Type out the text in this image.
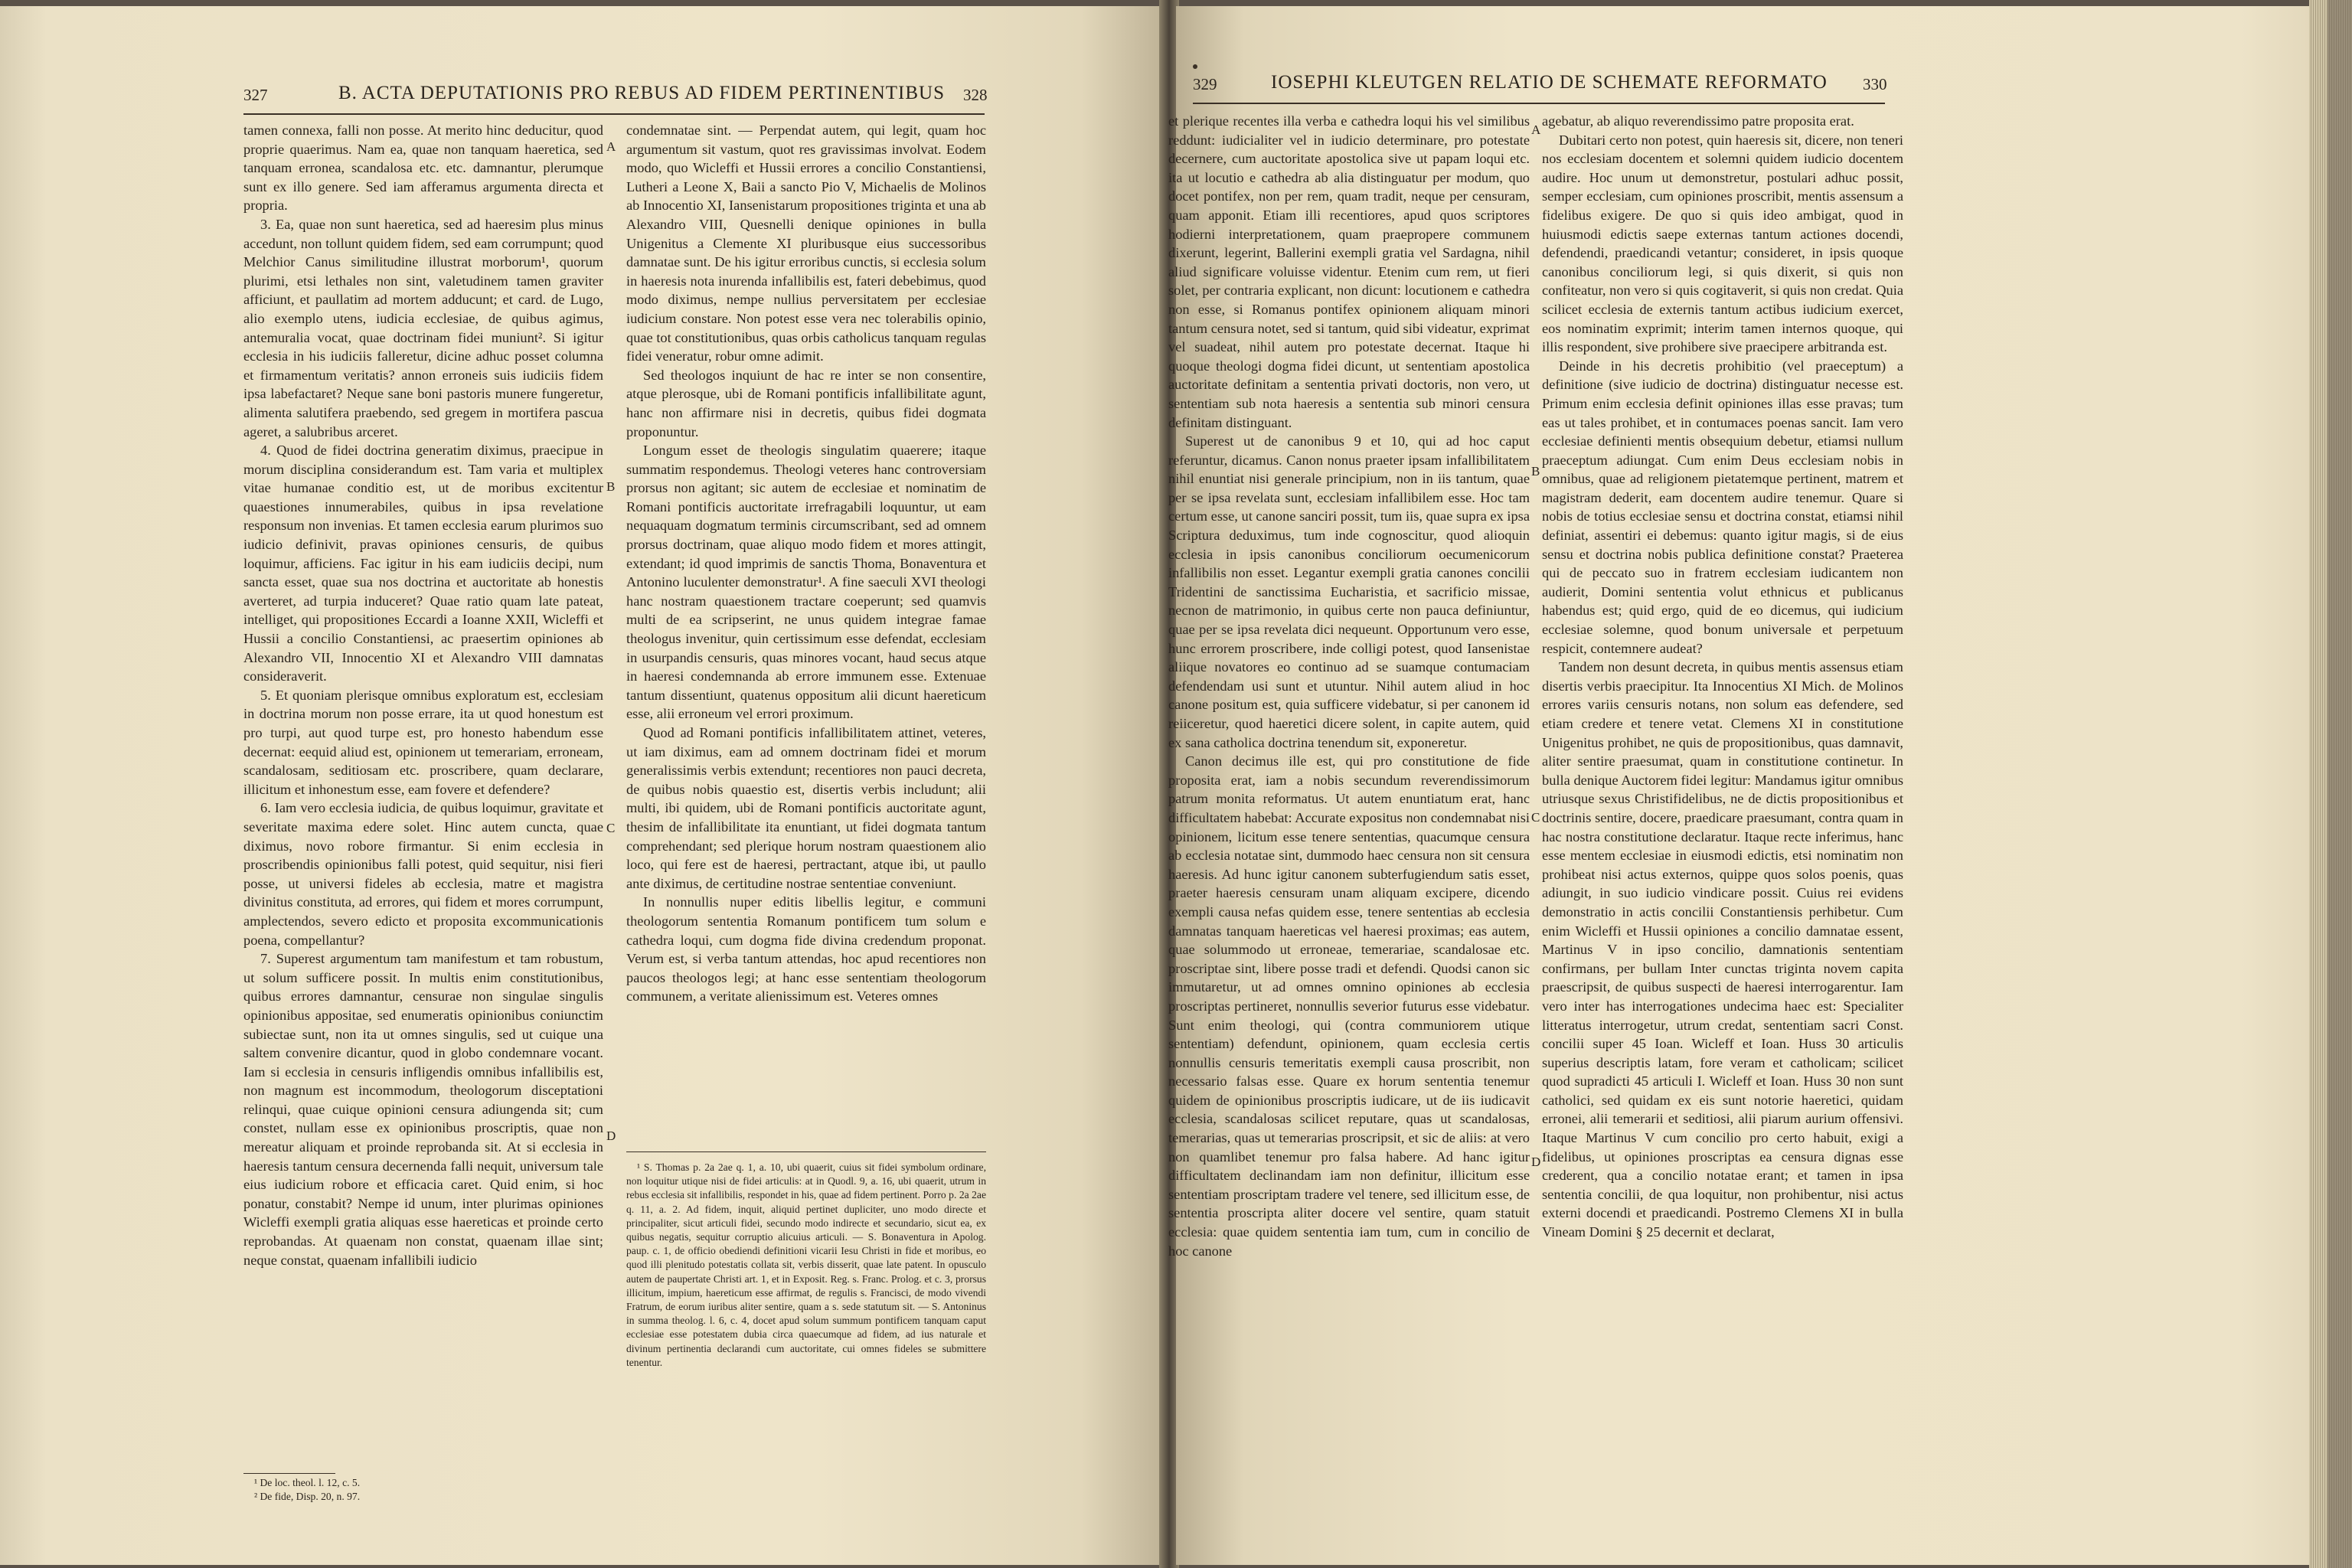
327	B. ACTA DEPUTATIONIS PRO REBUS AD FIDEM PERTINENTIBUS 328

tamen connexa, falli non posse. At merito hinc deducitur, quod proprie quaerimus. Nam ea, quae non tanquam haeretica, sed tanquam erronea, scandalosa etc. etc. damnantur, plerumque sunt ex illo genere. Sed iam afferamus argumenta directa et propria.

3. Ea, quae non sunt haeretica, sed ad haeresim plus minus accedunt, non tollunt quidem fidem, sed eam corrumpunt; quod Melchior Canus similitudine illustrat morborum¹, quorum plurimi, etsi lethales non sint, valetudinem tamen graviter afficiunt, et paullatim ad mortem adducunt; et card. de Lugo, alio exemplo utens, iudicia ecclesiae, de quibus agimus, antemuralia vocat, quae doctrinam fidei muniunt². Si igitur ecclesia in his iudiciis falleretur, dicine adhuc posset columna et firmamentum veritatis? annon erroneis suis iudiciis fidem ipsa labefactaret? Neque sane boni pastoris munere fungeretur, alimenta salutifera praebendo, sed gregem in mortifera pascua ageret, a salubribus arceret.

4. Quod de fidei doctrina generatim diximus, praecipue in morum disciplina considerandum est. Tam varia et multiplex vitae humanae conditio est, ut de moribus excitentur quaestiones innumerabiles, quibus in ipsa revelatione responsum non invenias. Et tamen ecclesia earum plurimos suo iudicio definivit, pravas opiniones censuris, de quibus loquimur, afficiens. Fac igitur in his eam iudiciis decipi, num sancta esset, quae sua nos doctrina et auctoritate ab honestis averteret, ad turpia induceret? Quae ratio quam late pateat, intelliget, qui propositiones Eccardi a Ioanne XXII, Wicleffi et Hussii a concilio Constantiensi, ac praesertim opiniones ab Alexandro VII, Innocentio XI et Alexandro VIII damnatas consideraverit.

5. Et quoniam plerisque omnibus exploratum est, ecclesiam in doctrina morum non posse errare, ita ut quod honestum est pro turpi, aut quod turpe est, pro honesto habendum esse decernat: eequid aliud est, opinionem ut temerariam, erroneam, scandalosam, seditiosam etc. proscribere, quam declarare, illicitum et inhonestum esse, eam fovere et defendere?

6. Iam vero ecclesia iudicia, de quibus loquimur, gravitate et severitate maxima edere solet. Hinc autem cuncta, quae diximus, novo robore firmantur. Si enim ecclesia in proscribendis opinionibus falli potest, quid sequitur, nisi fieri posse, ut universi fideles ab ecclesia, matre et magistra divinitus constituta, ad errores, qui fidem et mores corrumpunt, amplectendos, severo edicto et proposita excommunicationis poena, compellantur?

7. Superest argumentum tam manifestum et tam robustum, ut solum sufficere possit. In multis enim constitutionibus, quibus errores damnantur, censurae non singulae singulis opinionibus appositae, sed enumeratis opinionibus coniunctim subiectae sunt, non ita ut omnes singulis, sed ut cuique una saltem convenire dicantur, quod in globo condemnare vocant. Iam si ecclesia in censuris infligendis omnibus infallibilis est, non magnum est incommodum, theologorum disceptationi relinqui, quae cuique opinioni censura adiungenda sit; cum constet, nullam esse ex opinionibus proscriptis, quae non mereatur aliquam et proinde reprobanda sit. At si ecclesia in haeresis tantum censura decernenda falli nequit, universum tale eius iudicium robore et efficacia caret. Quid enim, si hoc ponatur, constabit? Nempe id unum, inter plurimas opiniones Wicleffi exempli gratia aliquas esse haereticas et proinde certo reprobandas. At quaenam non constat, quaenam illae sint; neque constat, quaenam infallibili iudicio

¹ De loc. theol. l. 12, c. 5.

² De fide, Disp. 20, n. 97.

condemnatae sint. — Perpendat autem, qui legit, quam hoc argumentum sit vastum, quot res gravissimas involvat. Eodem modo, quo Wicleffi et Hussii errores a concilio Constantiensi, Lutheri a Leone X, Baii a sancto Pio V, Michaelis de Molinos ab Innocentio XI, Iansenistarum propositiones triginta et una ab Alexandro VIII, Quesnelli denique opiniones in bulla Unigenitus a Clemente XI pluribusque eius successoribus damnatae sunt. De his igitur erroribus cunctis, si ecclesia solum in haeresis nota inurenda infallibilis est, fateri debebimus, quod modo diximus, nempe nullius perversitatem per ecclesiae iudicium constare. Non potest esse vera nec tolerabilis opinio, quae tot constitutionibus, quas orbis catholicus tanquam regulas fidei veneratur, robur omne adimit.

Sed theologos inquiunt de hac re inter se non consentire, atque plerosque, ubi de Romani pontificis infallibilitate agunt, hanc non affirmare nisi in decretis, quibus fidei dogmata proponuntur.

Longum esset de theologis singulatim quaerere; itaque summatim respondemus. Theologi veteres hanc controversiam prorsus non agitant; sic autem de ecclesiae et nominatim de Romani pontificis auctoritate irrefragabili loquuntur, ut eam nequaquam dogmatum terminis circumscribant, sed ad omnem prorsus doctrinam, quae aliquo modo fidem et mores attingit, extendant; id quod imprimis de sanctis Thoma, Bonaventura et Antonino luculenter demonstratur¹. A fine saeculi XVI theologi hanc nostram quaestionem tractare coeperunt; sed quamvis multi de ea scripserint, ne unus quidem integrae famae theologus invenitur, quin certissimum esse defendat, ecclesiam in usurpandis censuris, quas minores vocant, haud secus atque in haeresi condemnanda ab errore immunem esse. Extenuae tantum dissentiunt, quatenus oppositum alii dicunt haereticum esse, alii erroneum vel errori proximum.

Quod ad Romani pontificis infallibilitatem attinet, veteres, ut iam diximus, eam ad omnem doctrinam fidei et morum generalissimis verbis extendunt; recentiores non pauci decreta, de quibus nobis quaestio est, disertis verbis includunt; alii multi, ibi quidem, ubi de Romani pontificis auctoritate agunt, thesim de infallibilitate ita enuntiant, ut fidei dogmata tantum comprehendant; sed plerique horum nostram quaestionem alio loco, qui fere est de haeresi, pertractant, atque ibi, ut paullo ante diximus, de certitudine nostrae sententiae conveniunt.

In nonnullis nuper editis libellis legitur, e communi theologorum sententia Romanum pontificem tum solum e cathedra loqui, cum dogma fide divina credendum proponat. Verum est, si verba tantum attendas, hoc apud recentiores non paucos theologos legi; at hanc esse sententiam theologorum communem, a veritate alienissimum est. Veteres omnes

¹ S. Thomas p. 2a 2ae q. 1, a. 10, ubi quaerit, cuius sit fidei symbolum ordinare, non loquitur utique nisi de fidei articulis: at in Quodl. 9, a. 16, ubi quaerit, utrum in rebus ecclesia sit infallibilis, respondet in his, quae ad fidem pertinent. Porro p. 2a 2ae q. 11, a. 2. Ad fidem, inquit, aliquid pertinet dupliciter, uno modo directe et principaliter, sicut articuli fidei, secundo modo indirecte et secundario, sicut ea, ex quibus negatis, sequitur corruptio alicuius articuli. — S. Bonaventura in Apolog. paup. c. 1, de officio obediendi definitioni vicarii Iesu Christi in fide et moribus, eo quod illi plenitudo potestatis collata sit, verbis disserit, quae late patent. In opusculo autem de paupertate Christi art. 1, et in Exposit. Reg. s. Franc. Prolog. et c. 3, prorsus illicitum, impium, haereticum esse affirmat, de regulis s. Francisci, de modo vivendi Fratrum, de eorum iuribus aliter sentire, quam a s. sede statutum sit. — S. Antoninus in summa theolog. l. 6, c. 4, docet apud solum summum pontificem tanquam caput ecclesiae esse potestatem dubia circa quaecumque ad fidem, ad ius naturale et divinum pertinentia declarandi cum auctoritate, cui omnes fideles se submittere tenentur.

A
B
C
D
329	IOSEPHI KLEUTGEN RELATIO DE SCHEMATE REFORMATO 330

et plerique recentes illa verba e cathedra loqui his vel similibus reddunt: iudicialiter vel in iudicio determinare, pro potestate decernere, cum auctoritate apostolica sive ut papam loqui etc. ita ut locutio e cathedra ab alia distinguatur per modum, quo docet pontifex, non per rem, quam tradit, neque per censuram, quam apponit. Etiam illi recentiores, apud quos scriptores hodierni interpretationem, quam praepropere communem dixerunt, legerint, Ballerini exempli gratia vel Sardagna, nihil aliud significare voluisse videntur. Etenim cum rem, ut fieri solet, per contraria explicant, non dicunt: locutionem e cathedra non esse, si Romanus pontifex opinionem aliquam minori tantum censura notet, sed si tantum, quid sibi videatur, exprimat vel suadeat, nihil autem pro potestate decernat. Itaque hi quoque theologi dogma fidei dicunt, ut sententiam apostolica auctoritate definitam a sententia privati doctoris, non vero, ut sententiam sub nota haeresis a sententia sub minori censura definitam distinguant.

Superest ut de canonibus 9 et 10, qui ad hoc caput referuntur, dicamus. Canon nonus praeter ipsam infallibilitatem nihil enuntiat nisi generale principium, non in iis tantum, quae per se ipsa revelata sunt, ecclesiam infallibilem esse. Hoc tam certum esse, ut canone sanciri possit, tum iis, quae supra ex ipsa Scriptura deduximus, tum inde cognoscitur, quod alioquin ecclesia in ipsis canonibus conciliorum oecumenicorum infallibilis non esset. Legantur exempli gratia canones concilii Tridentini de sanctissima Eucharistia, et sacrificio missae, necnon de matrimonio, in quibus certe non pauca definiuntur, quae per se ipsa revelata dici nequeunt. Opportunum vero esse, hunc errorem proscribere, inde colligi potest, quod Iansenistae aliique novatores eo continuo ad se suamque contumaciam defendendam usi sunt et utuntur. Nihil autem aliud in hoc canone positum est, quia sufficere videbatur, si per canonem id reiiceretur, quod haeretici dicere solent, in capite autem, quid ex sana catholica doctrina tenendum sit, exponeretur.

Canon decimus ille est, qui pro constitutione de fide proposita erat, iam a nobis secundum reverendissimorum patrum monita reformatus. Ut autem enuntiatum erat, hanc difficultatem habebat: Accurate expositus non condemnabat nisi opinionem, licitum esse tenere sententias, quacumque censura ab ecclesia notatae sint, dummodo haec censura non sit censura haeresis. Ad hunc igitur canonem subterfugiendum satis esset, praeter haeresis censuram unam aliquam excipere, dicendo exempli causa nefas quidem esse, tenere sententias ab ecclesia damnatas tanquam haereticas vel haeresi proximas; eas autem, quae solummodo ut erroneae, temerariae, scandalosae etc. proscriptae sint, libere posse tradi et defendi. Quodsi canon sic immutaretur, ut ad omnes omnino opiniones ab ecclesia proscriptas pertineret, nonnullis severior futurus esse videbatur. Sunt enim theologi, qui (contra communiorem utique sententiam) defendunt, opinionem, quam ecclesia certis nonnullis censuris temeritatis exempli causa proscribit, non necessario falsas esse. Quare ex horum sententia tenemur quidem de opinionibus proscriptis iudicare, ut de iis iudicavit ecclesia, scandalosas scilicet reputare, quas ut scandalosas, temerarias, quas ut temerarias proscripsit, et sic de aliis: at vero non quamlibet tenemur pro falsa habere. Ad hanc igitur difficultatem declinandam iam non definitur, illicitum esse sententiam proscriptam tradere vel tenere, sed illicitum esse, de sententia proscripta aliter docere vel sentire, quam statuit ecclesia: quae quidem sententia iam tum, cum in concilio de hoc canone

agebatur, ab aliquo reverendissimo patre proposita erat.

Dubitari certo non potest, quin haeresis sit, dicere, non teneri nos ecclesiam docentem et solemni quidem iudicio docentem audire. Hoc unum ut demonstretur, postulari adhuc possit, semper ecclesiam, cum opiniones proscribit, mentis assensum a fidelibus exigere. De quo si quis ideo ambigat, quod in huiusmodi edictis saepe externas tantum actiones docendi, defendendi, praedicandi vetantur; consideret, in ipsis quoque canonibus conciliorum legi, si quis dixerit, si quis non confiteatur, non vero si quis cogitaverit, si quis non credat. Quia scilicet ecclesia de externis tantum actibus iudicium exercet, eos nominatim exprimit; interim tamen internos quoque, qui illis respondent, sive prohibere sive praecipere arbitranda est.

Deinde in his decretis prohibitio (vel praeceptum) a definitione (sive iudicio de doctrina) distinguatur necesse est. Primum enim ecclesia definit opiniones illas esse pravas; tum eas ut tales prohibet, et in contumaces poenas sancit. Iam vero ecclesiae definienti mentis obsequium debetur, etiamsi nullum praeceptum adiungat. Cum enim Deus ecclesiam nobis in omnibus, quae ad religionem pietatemque pertinent, matrem et magistram dederit, eam docentem audire tenemur. Quare si nobis de totius ecclesiae sensu et doctrina constat, etiamsi nihil definiat, assentiri ei debemus: quanto igitur magis, si de eius sensu et doctrina nobis publica definitione constat? Praeterea qui de peccato suo in fratrem ecclesiam iudicantem non audierit, Domini sententia volut ethnicus et publicanus habendus est; quid ergo, quid de eo dicemus, qui iudicium ecclesiae solemne, quod bonum universale et perpetuum respicit, contemnere audeat?

Tandem non desunt decreta, in quibus mentis assensus etiam disertis verbis praecipitur. Ita Innocentius XI Mich. de Molinos errores variis censuris notans, non solum eas defendere, sed etiam credere et tenere vetat. Clemens XI in constitutione Unigenitus prohibet, ne quis de propositionibus, quas damnavit, aliter sentire praesumat, quam in constitutione continetur. In bulla denique Auctorem fidei legitur: Mandamus igitur omnibus utriusque sexus Christifidelibus, ne de dictis propositionibus et doctrinis sentire, docere, praedicare praesumant, contra quam in hac nostra constitutione declaratur. Itaque recte inferimus, hanc esse mentem ecclesiae in eiusmodi edictis, etsi nominatim non prohibeat nisi actus externos, quippe quos solos poenis, quas adiungit, in suo iudicio vindicare possit. Cuius rei evidens demonstratio in actis concilii Constantiensis perhibetur. Cum enim Wicleffi et Hussii opiniones a concilio damnatae essent, Martinus V in ipso concilio, damnationis sententiam confirmans, per bullam Inter cunctas triginta novem capita praescripsit, de quibus suspecti de haeresi interrogarentur. Iam vero inter has interrogationes undecima haec est: Specialiter litteratus interrogetur, utrum credat, sententiam sacri Const. concilii super 45 Ioan. Wicleff et Ioan. Huss 30 articulis superius descriptis latam, fore veram et catholicam; scilicet quod supradicti 45 articuli I. Wicleff et Ioan. Huss 30 non sunt catholici, sed quidam ex eis sunt notorie haeretici, quidam erronei, alii temerarii et seditiosi, alii piarum aurium offensivi. Itaque Martinus V cum concilio pro certo habuit, exigi a fidelibus, ut opiniones proscriptas ea censura dignas esse crederent, qua a concilio notatae erant; et tamen in ipsa sententia concilii, de qua loquitur, non prohibentur, nisi actus externi docendi et praedicandi. Postremo Clemens XI in bulla Vineam Domini § 25 decernit et declarat,

A
B
C
D
